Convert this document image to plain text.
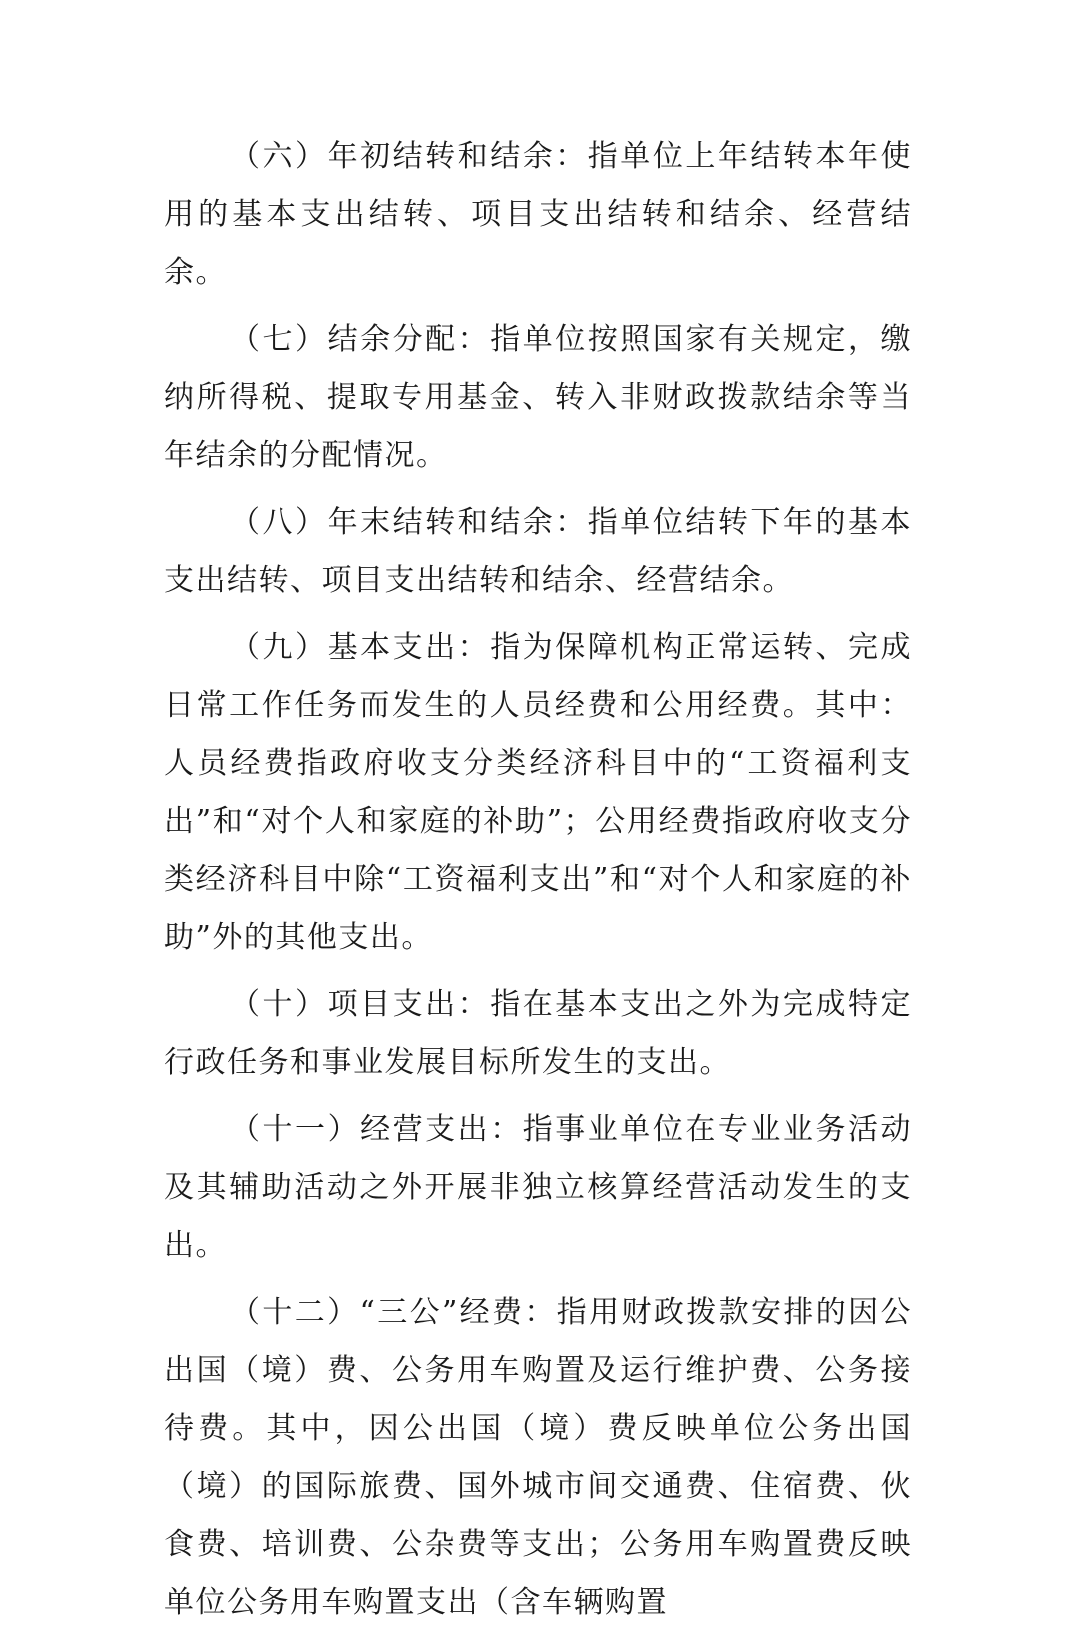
（六）年初结转和结余：指单位上年结转本年使用的基本支出结转、项目支出结转和结余、经营结余。

（七）结余分配：指单位按照国家有关规定，缴纳所得税、提取专用基金、转入非财政拨款结余等当年结余的分配情况。

（八）年末结转和结余：指单位结转下年的基本支出结转、项目支出结转和结余、经营结余。

（九）基本支出：指为保障机构正常运转、完成日常工作任务而发生的人员经费和公用经费。其中：人员经费指政府收支分类经济科目中的“工资福利支出”和“对个人和家庭的补助”；公用经费指政府收支分类经济科目中除“工资福利支出”和“对个人和家庭的补助”外的其他支出。

（十）项目支出：指在基本支出之外为完成特定行政任务和事业发展目标所发生的支出。

（十一）经营支出：指事业单位在专业业务活动及其辅助活动之外开展非独立核算经营活动发生的支出。

（十二）“三公”经费：指用财政拨款安排的因公出国（境）费、公务用车购置及运行维护费、公务接待费。其中，因公出国（境）费反映单位公务出国（境）的国际旅费、国外城市间交通费、住宿费、伙食费、培训费、公杂费等支出；公务用车购置费反映单位公务用车购置支出（含车辆购置
